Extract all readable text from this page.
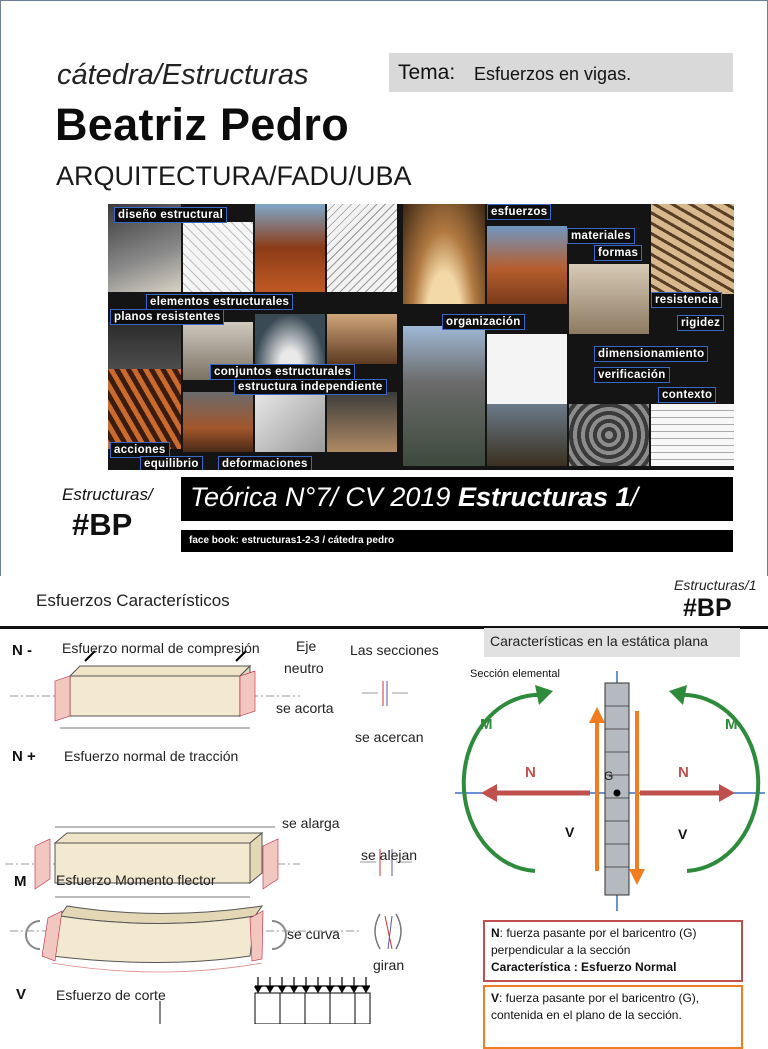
cátedra/Estructuras
Beatriz Pedro
ARQUITECTURA/FADU/UBA
Tema: Esfuerzos en vigas.
diseño estructural
elementos estructurales
planos resistentes
conjuntos estructurales
estructura independiente
acciones
equilibrio	deformaciones
esfuerzos
materiales
formas
resistencia
organización	rigidez
dimensionamiento
verificación
contexto
Estructuras/
#BP
Teórica N°7/ CV 2019 Estructuras 1/
face book: estructuras1-2-3 / cátedra pedro
Esfuerzos Característicos
Estructuras/1
#BP
N - Esfuerzo normal de compresión	Eje
neutro
se acorta
Las secciones
se acercan
N + Esfuerzo normal de tracción
se alarga
se alejan
M Esfuerzo Momento flector
se curva
giran
V Esfuerzo de corte
Características en la estática plana
Sección elemental
M	M
N	N
V	V
G
N: fuerza pasante por el baricentro (G) perpendicular a la sección
Característica : Esfuerzo Normal
V: fuerza pasante por el baricentro (G), contenida en el plano de la sección.
